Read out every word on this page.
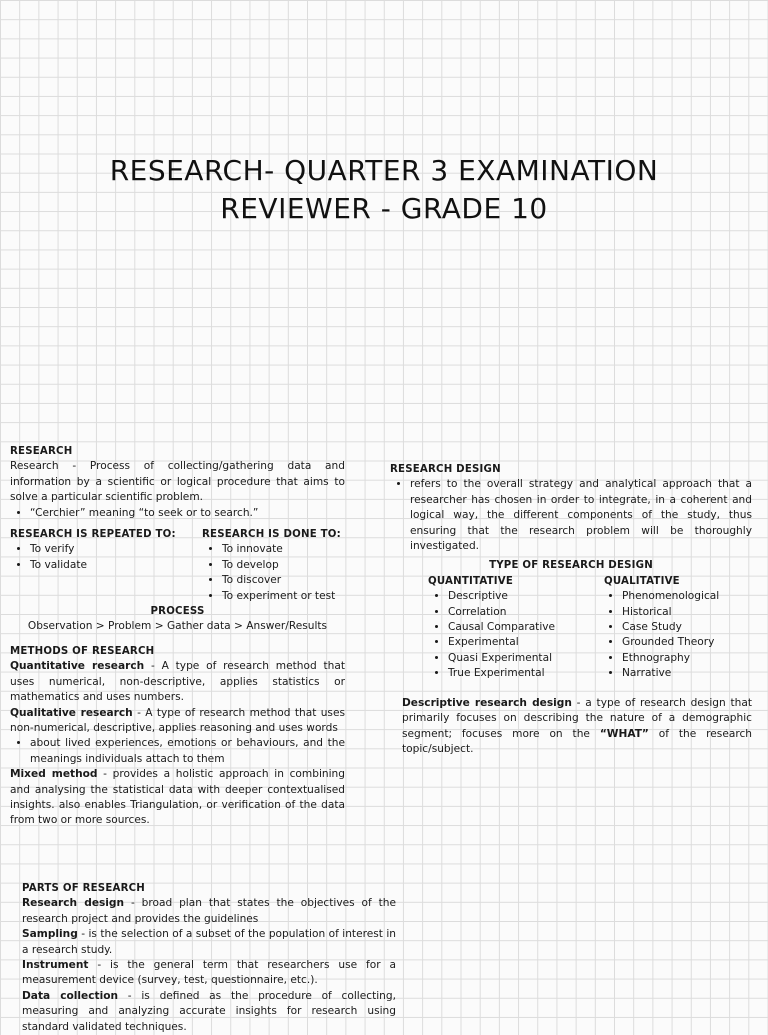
RESEARCH- QUARTER 3 EXAMINATION
REVIEWER - GRADE 10
RESEARCH
Research - Process of collecting/gathering data and information by a scientific or logical procedure that aims to solve a particular scientific problem.
• “Cerchier” meaning “to seek or to search.”
RESEARCH IS REPEATED TO:
• To verify
• To validate
RESEARCH IS DONE TO:
• To innovate
• To develop
• To discover
• To experiment or test
PROCESS
Observation > Problem > Gather data > Answer/Results
METHODS OF RESEARCH
Quantitative research - A type of research method that uses numerical, non-descriptive, applies statistics or mathematics and uses numbers.
Qualitative research - A type of research method that uses non-numerical, descriptive, applies reasoning and uses words
• about lived experiences, emotions or behaviours, and the meanings individuals attach to them
Mixed method - provides a holistic approach in combining and analysing the statistical data with deeper contextualised insights. also enables Triangulation, or verification of the data from two or more sources.
RESEARCH DESIGN
• refers to the overall strategy and analytical approach that a researcher has chosen in order to integrate, in a coherent and logical way, the different components of the study, thus ensuring that the research problem will be thoroughly investigated.
TYPE OF RESEARCH DESIGN
QUANTITATIVE
• Descriptive
• Correlation
• Causal Comparative
• Experimental
• Quasi Experimental
• True Experimental
QUALITATIVE
• Phenomenological
• Historical
• Case Study
• Grounded Theory
• Ethnography
• Narrative
Descriptive research design - a type of research design that primarily focuses on describing the nature of a demographic segment; focuses more on the “WHAT” of the research topic/subject.
PARTS OF RESEARCH
Research design - broad plan that states the objectives of the research project and provides the guidelines
Sampling - is the selection of a subset of the population of interest in a research study.
Instrument - is the general term that researchers use for a measurement device (survey, test, questionnaire, etc.).
Data collection - is defined as the procedure of collecting, measuring and analyzing accurate insights for research using standard validated techniques.
